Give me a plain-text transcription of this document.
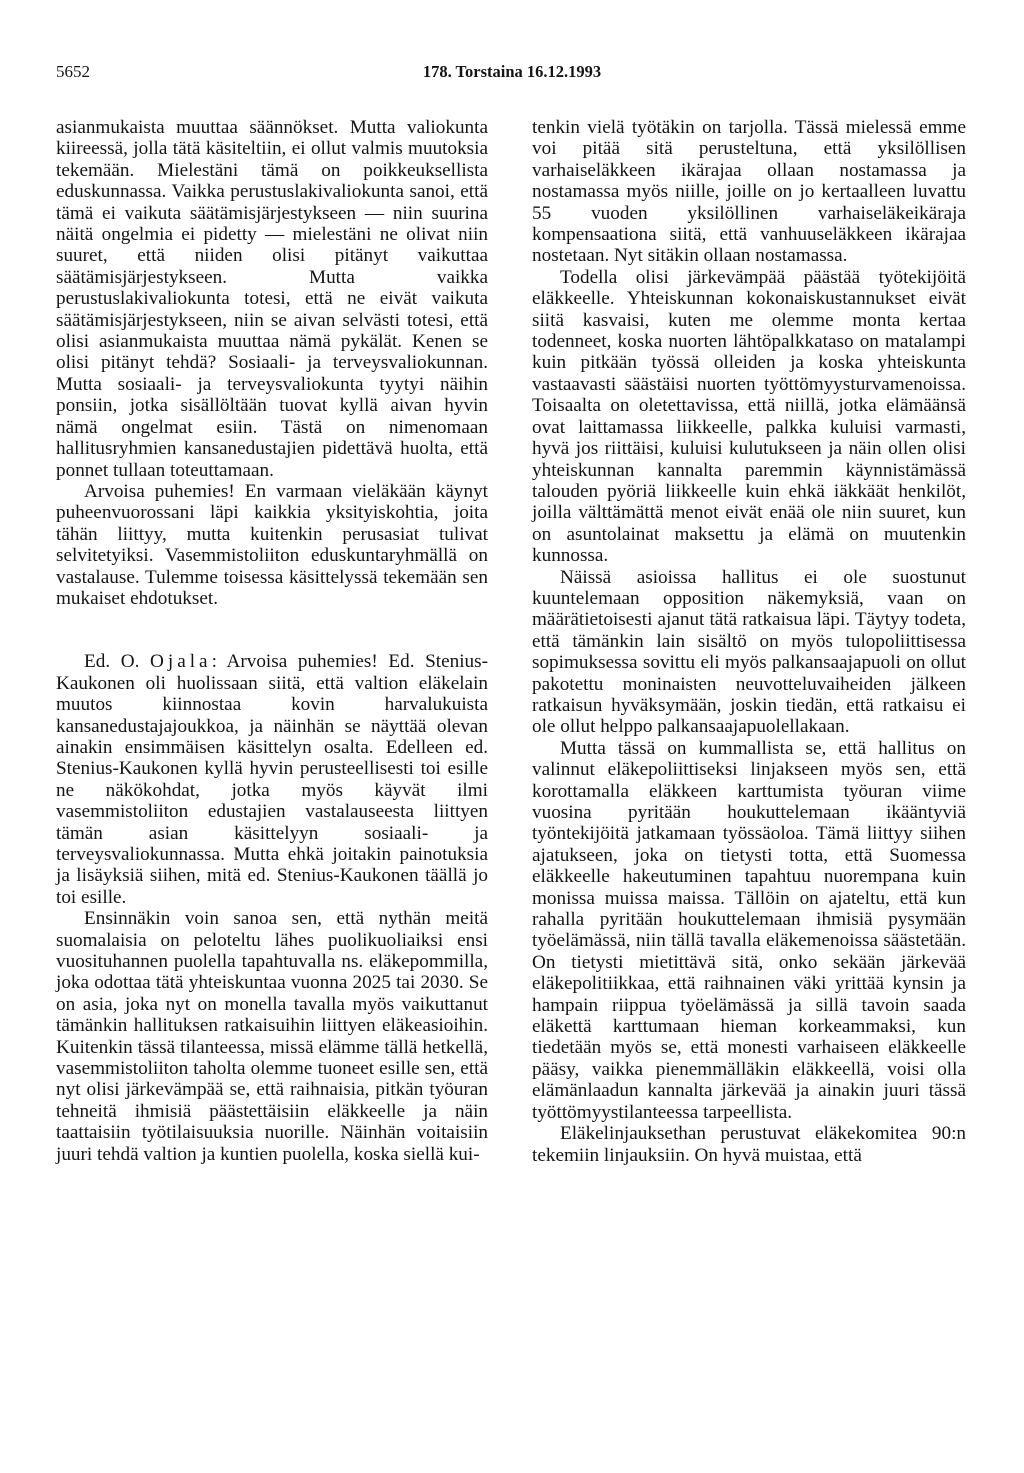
5652	178. Torstaina 16.12.1993

asianmukaista muuttaa säännökset. Mutta valiokunta kiireessä, jolla tätä käsiteltiin, ei ollut valmis muutoksia tekemään. Mielestäni tämä on poikkeuksellista eduskunnassa. Vaikka perustuslakivaliokunta sanoi, että tämä ei vaikuta säätämisjärjestykseen — niin suurina näitä ongelmia ei pidetty — mielestäni ne olivat niin suuret, että niiden olisi pitänyt vaikuttaa säätämisjärjestykseen. Mutta vaikka perustuslakivaliokunta totesi, että ne eivät vaikuta säätämisjärjestykseen, niin se aivan selvästi totesi, että olisi asianmukaista muuttaa nämä pykälät. Kenen se olisi pitänyt tehdä? Sosiaali- ja terveysvaliokunnan. Mutta sosiaali- ja terveysvaliokunta tyytyi näihin ponsiin, jotka sisällöltään tuovat kyllä aivan hyvin nämä ongelmat esiin. Tästä on nimenomaan hallitusryhmien kansanedustajien pidettävä huolta, että ponnet tullaan toteuttamaan.

Arvoisa puhemies! En varmaan vieläkään käynyt puheenvuorossani läpi kaikkia yksityiskohtia, joita tähän liittyy, mutta kuitenkin perusasiat tulivat selvitetyiksi. Vasemmistoliiton eduskuntaryhmällä on vastalause. Tulemme toisessa käsittelyssä tekemään sen mukaiset ehdotukset.

Ed. O. Ojala: Arvoisa puhemies! Ed. Stenius-Kaukonen oli huolissaan siitä, että valtion eläkelain muutos kiinnostaa kovin harvalukuista kansanedustajajoukkoa, ja näinhän se näyttää olevan ainakin ensimmäisen käsittelyn osalta. Edelleen ed. Stenius-Kaukonen kyllä hyvin perusteellisesti toi esille ne näkökohdat, jotka myös käyvät ilmi vasemmistoliiton edustajien vastalauseesta liittyen tämän asian käsittelyyn sosiaali- ja terveysvaliokunnassa. Mutta ehkä joitakin painotuksia ja lisäyksiä siihen, mitä ed. Stenius-Kaukonen täällä jo toi esille.

Ensinnäkin voin sanoa sen, että nythän meitä suomalaisia on peloteltu lähes puolikuoliaiksi ensi vuosituhannen puolella tapahtuvalla ns. eläkepommilla, joka odottaa tätä yhteiskuntaa vuonna 2025 tai 2030. Se on asia, joka nyt on monella tavalla myös vaikuttanut tämänkin hallituksen ratkaisuihin liittyen eläkeasioihin. Kuitenkin tässä tilanteessa, missä elämme tällä hetkellä, vasemmistoliiton taholta olemme tuoneet esille sen, että nyt olisi järkevämpää se, että raihnaisia, pitkän työuran tehneitä ihmisiä päästettäisiin eläkkeelle ja näin taattaisiin työtilaisuuksia nuorille. Näinhän voitaisiin juuri tehdä valtion ja kuntien puolella, koska siellä kui-

tenkin vielä työtäkin on tarjolla. Tässä mielessä emme voi pitää sitä perusteltuna, että yksilöllisen varhaiseläkkeen ikärajaa ollaan nostamassa ja nostamassa myös niille, joille on jo kertaalleen luvattu 55 vuoden yksilöllinen varhaiseläkeikäraja kompensaationa siitä, että vanhuuseläkkeen ikärajaa nostetaan. Nyt sitäkin ollaan nostamassa.

Todella olisi järkevämpää päästää työtekijöitä eläkkeelle. Yhteiskunnan kokonaiskustannukset eivät siitä kasvaisi, kuten me olemme monta kertaa todenneet, koska nuorten lähtöpalkkataso on matalampi kuin pitkään työssä olleiden ja koska yhteiskunta vastaavasti säästäisi nuorten työttömyysturvamenoissa. Toisaalta on oletettavissa, että niillä, jotka elämäänsä ovat laittamassa liikkeelle, palkka kuluisi varmasti, hyvä jos riittäisi, kuluisi kulutukseen ja näin ollen olisi yhteiskunnan kannalta paremmin käynnistämässä talouden pyöriä liikkeelle kuin ehkä iäkkäät henkilöt, joilla välttämättä menot eivät enää ole niin suuret, kun on asuntolainat maksettu ja elämä on muutenkin kunnossa.

Näissä asioissa hallitus ei ole suostunut kuuntelemaan opposition näkemyksiä, vaan on määrätietoisesti ajanut tätä ratkaisua läpi. Täytyy todeta, että tämänkin lain sisältö on myös tulopoliittisessa sopimuksessa sovittu eli myös palkansaajapuoli on ollut pakotettu moninaisten neuvotteluvaiheiden jälkeen ratkaisun hyväksymään, joskin tiedän, että ratkaisu ei ole ollut helppo palkansaajapuolellakaan.

Mutta tässä on kummallista se, että hallitus on valinnut eläkepoliittiseksi linjakseen myös sen, että korottamalla eläkkeen karttumista työuran viime vuosina pyritään houkuttelemaan ikääntyviä työntekijöitä jatkamaan työssäoloa. Tämä liittyy siihen ajatukseen, joka on tietysti totta, että Suomessa eläkkeelle hakeutuminen tapahtuu nuorempana kuin monissa muissa maissa. Tällöin on ajateltu, että kun rahalla pyritään houkuttelemaan ihmisiä pysymään työelämässä, niin tällä tavalla eläkemenoissa säästetään. On tietysti mietittävä sitä, onko sekään järkevää eläkepolitiikkaa, että raihnainen väki yrittää kynsin ja hampain riippua työelämässä ja sillä tavoin saada eläkettä karttumaan hieman korkeammaksi, kun tiedetään myös se, että monesti varhaiseen eläkkeelle pääsy, vaikka pienemmälläkin eläkkeellä, voisi olla elämänlaadun kannalta järkevää ja ainakin juuri tässä työttömyystilanteessa tarpeellista.

Eläkelinjauksethan perustuvat eläkekomitea 90:n tekemiin linjauksiin. On hyvä muistaa, että
